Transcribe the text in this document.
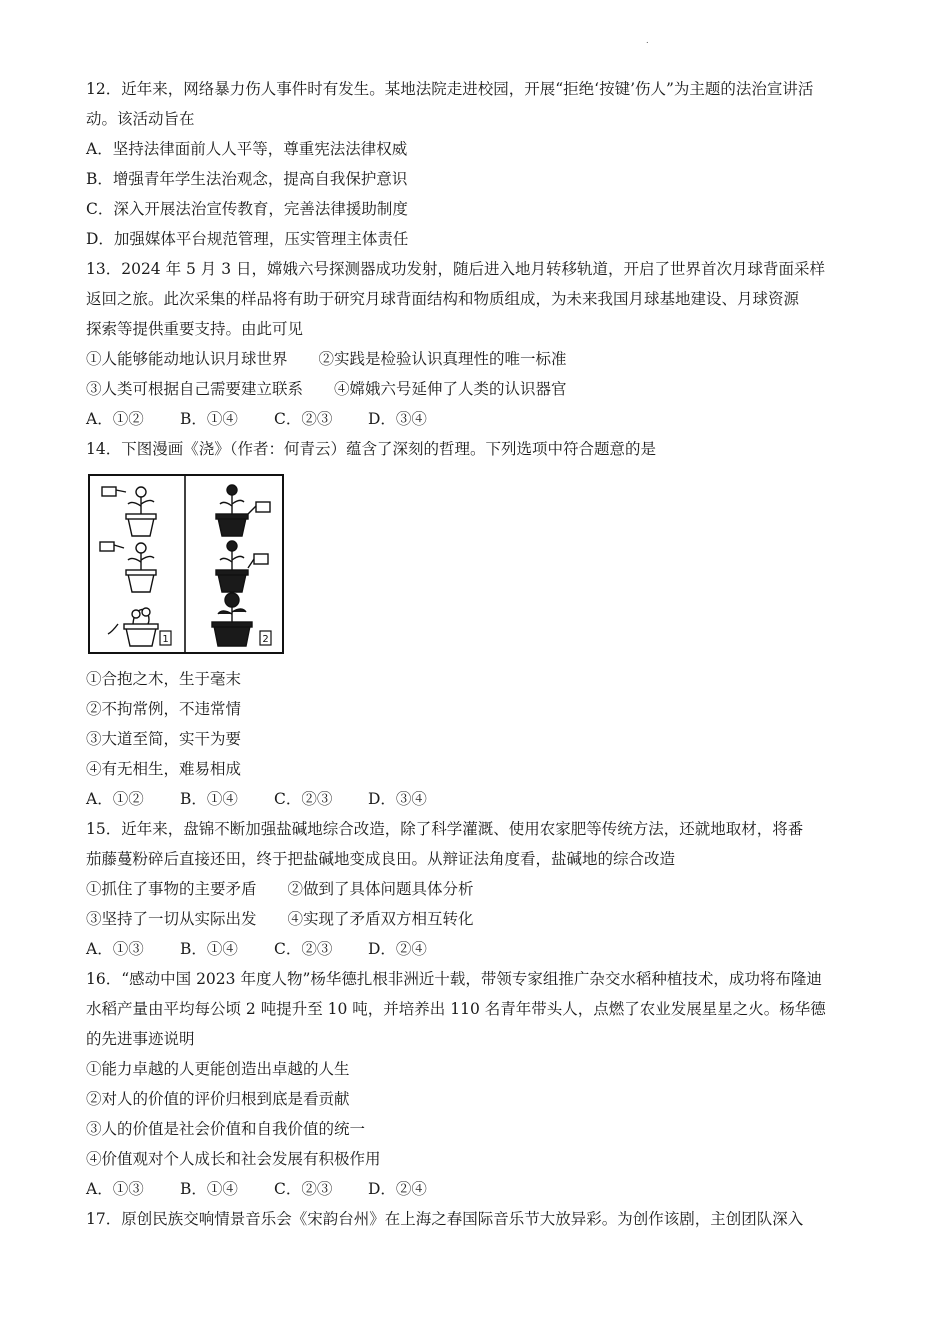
.
12．近年来，网络暴力伤人事件时有发生。某地法院走进校园，开展“拒绝‘按键’伤人”为主题的法治宣讲活
动。该活动旨在
A．坚持法律面前人人平等，尊重宪法法律权威
B．增强青年学生法治观念，提高自我保护意识
C．深入开展法治宣传教育，完善法律援助制度
D．加强媒体平台规范管理，压实管理主体责任
13．2024 年 5 月 3 日，嫦娥六号探测器成功发射，随后进入地月转移轨道，开启了世界首次月球背面采样
返回之旅。此次采集的样品将有助于研究月球背面结构和物质组成，为未来我国月球基地建设、月球资源
探索等提供重要支持。由此可见
①人能够能动地认识月球世界　　②实践是检验认识真理性的唯一标准
③人类可根据自己需要建立联系　　④嫦娥六号延伸了人类的认识器官
A．①② B．①④ C．②③ D．③④
14．下图漫画《浇》（作者：何青云）蕴含了深刻的哲理。下列选项中符合题意的是
1	2
①合抱之木，生于毫末
②不拘常例，不违常情
③大道至简，实干为要
④有无相生，难易相成
A．①② B．①④ C．②③ D．③④
15．近年来，盘锦不断加强盐碱地综合改造，除了科学灌溉、使用农家肥等传统方法，还就地取材，将番
茄藤蔓粉碎后直接还田，终于把盐碱地变成良田。从辩证法角度看，盐碱地的综合改造
①抓住了事物的主要矛盾　　②做到了具体问题具体分析
③坚持了一切从实际出发　　④实现了矛盾双方相互转化
A．①③ B．①④ C．②③ D．②④
16．“感动中国 2023 年度人物”杨华德扎根非洲近十载，带领专家组推广杂交水稻种植技术，成功将布隆迪
水稻产量由平均每公顷 2 吨提升至 10 吨，并培养出 110 名青年带头人，点燃了农业发展星星之火。杨华德
的先进事迹说明
①能力卓越的人更能创造出卓越的人生
②对人的价值的评价归根到底是看贡献
③人的价值是社会价值和自我价值的统一
④价值观对个人成长和社会发展有积极作用
A．①③ B．①④ C．②③ D．②④
17．原创民族交响情景音乐会《宋韵台州》在上海之春国际音乐节大放异彩。为创作该剧，主创团队深入
